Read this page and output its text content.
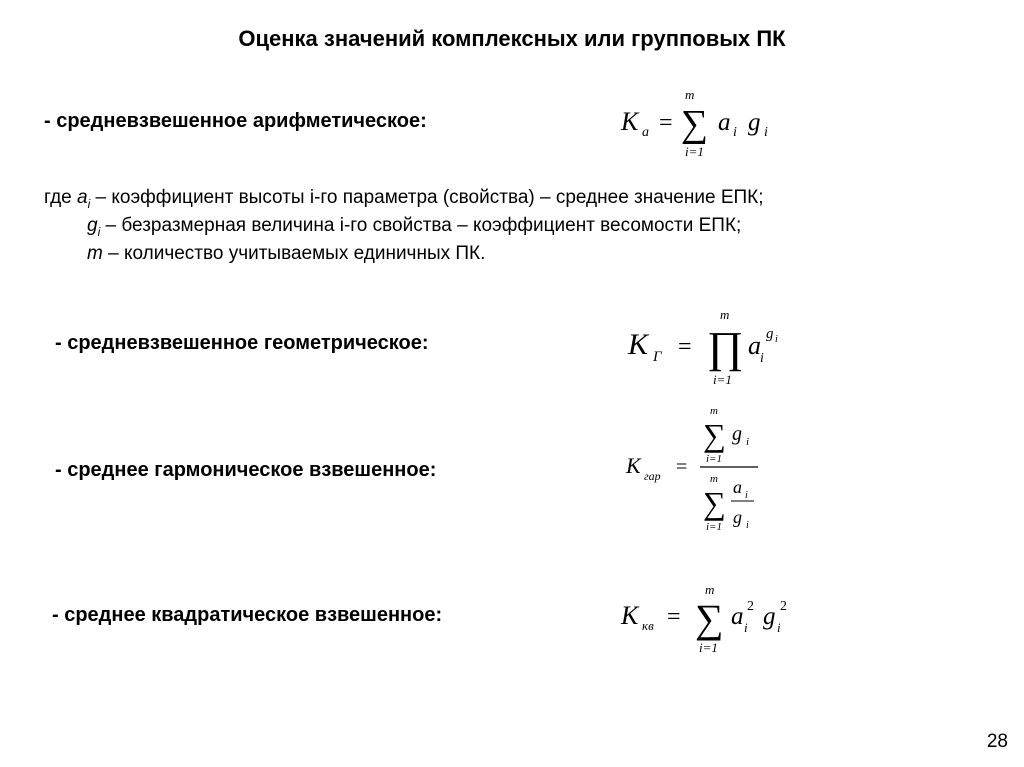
Оценка значений комплексных или групповых ПК
- средневзвешенное арифметическое:	K а =
m
∑
i=1
a i g i
где $a_i$ – коэффициент высоты i-го параметра (свойства) – среднее значение ЕПК;
$g_i$ – безразмерная величина i-го свойства – коэффициент весомости ЕПК;
m – количество учитываемых единичных ПК.
- средневзвешенное геометрическое:	K Г =
m
∏
i=1
a i
g i
- среднее гармоническое взвешенное:	K гар =
m
∑
i=1
g i
m
∑
i=1
a i
g i
- среднее квадратическое взвешенное:	K кв =
m
∑
i=1
a i
2 g i
2
28
